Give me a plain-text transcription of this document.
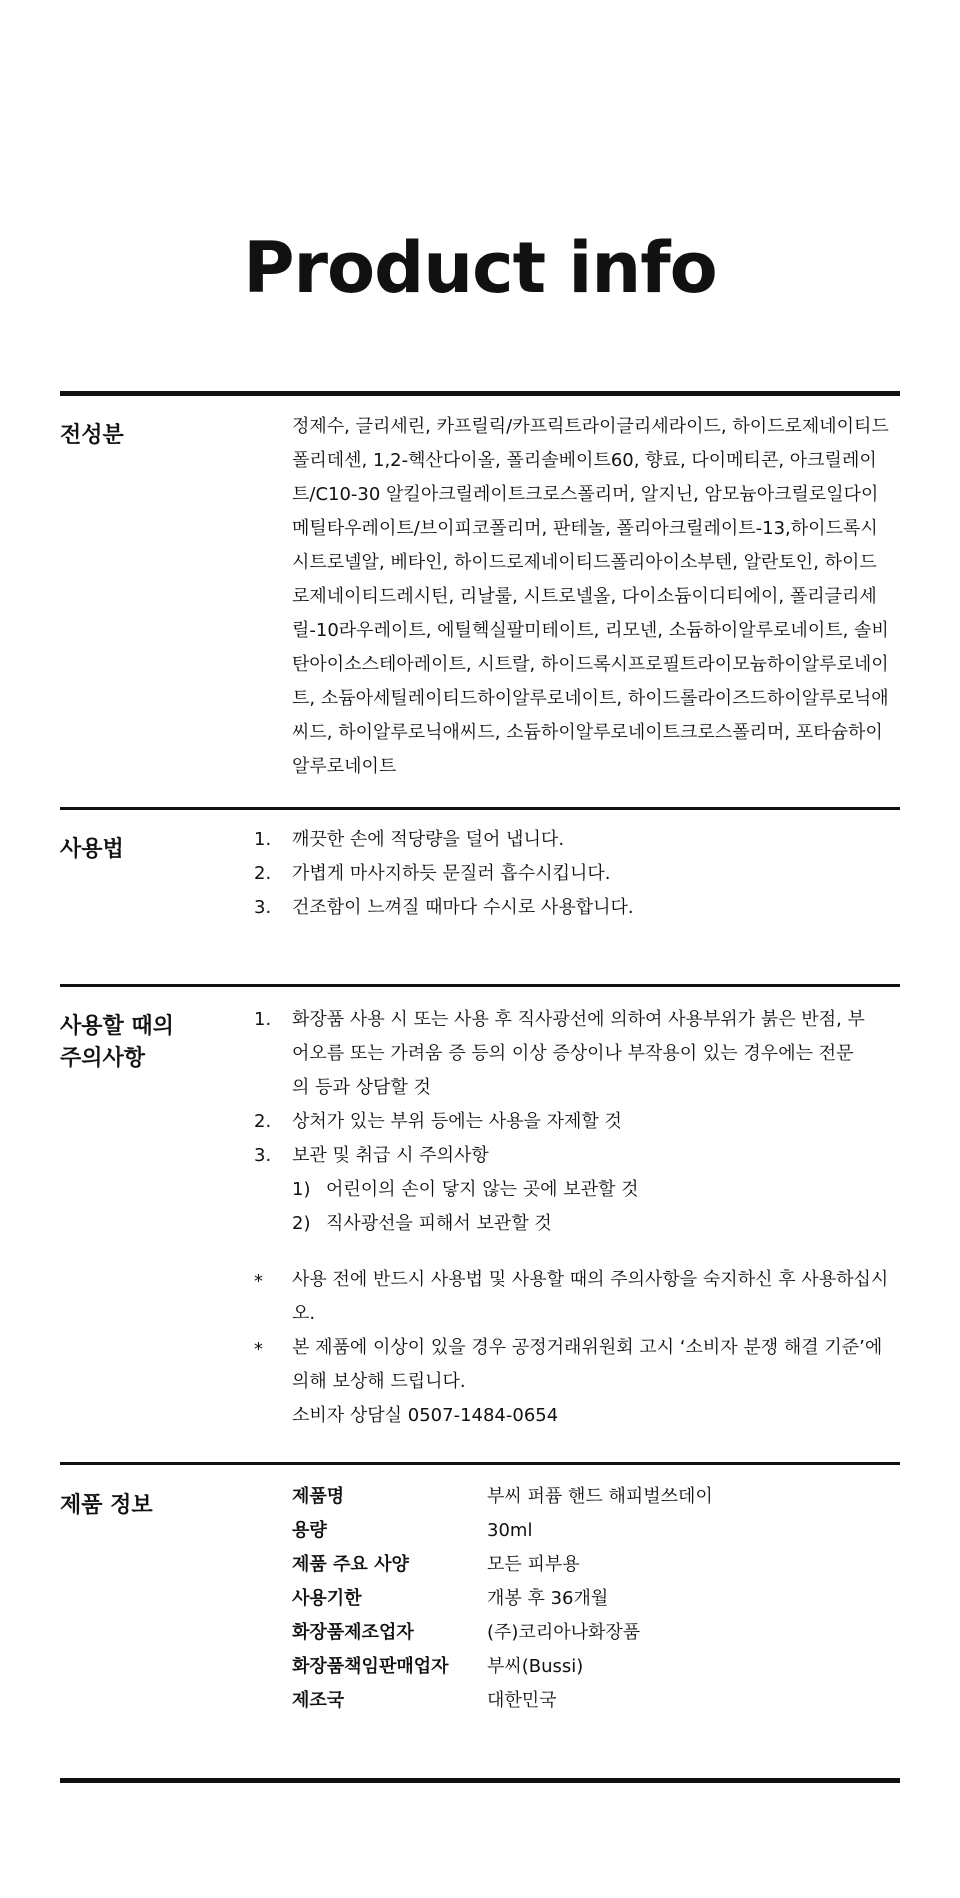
Product info
전성분	정제수, 글리세린, 카프릴릭/카프릭트라이글리세라이드, 하이드로제네이티드폴리데센, 1,2-헥산다이올, 폴리솔베이트60, 향료, 다이메티콘, 아크릴레이트/C10-30 알킬아크릴레이트크로스폴리머, 알지닌, 암모늄아크릴로일다이메틸타우레이트/브이피코폴리머, 판테놀, 폴리아크릴레이트-13,하이드록시시트로넬알, 베타인, 하이드로제네이티드폴리아이소부텐, 알란토인, 하이드로제네이티드레시틴, 리날룰, 시트로넬올, 다이소듐이디티에이, 폴리글리세릴-10라우레이트, 에틸헥실팔미테이트, 리모넨, 소듐하이알루로네이트, 솔비탄아이소스테아레이트, 시트랄, 하이드록시프로필트라이모늄하이알루로네이트, 소듐아세틸레이티드하이알루로네이트, 하이드롤라이즈드하이알루로닉애씨드, 하이알루로닉애씨드, 소듐하이알루로네이트크로스폴리머, 포타슘하이알루로네이트

사용법	1. 깨끗한 손에 적당량을 덜어 냅니다.
2. 가볍게 마사지하듯 문질러 흡수시킵니다.
3. 건조함이 느껴질 때마다 수시로 사용합니다.
사용할 때의
주의사항
1. 화장품 사용 시 또는 사용 후 직사광선에 의하여 사용부위가 붉은 반점, 부어오름 또는 가려움 증 등의 이상 증상이나 부작용이 있는 경우에는 전문의 등과 상담할 것
2. 상처가 있는 부위 등에는 사용을 자제할 것
3. 보관 및 취급 시 주의사항
1) 어린이의 손이 닿지 않는 곳에 보관할 것
2) 직사광선을 피해서 보관할 것
* 사용 전에 반드시 사용법 및 사용할 때의 주의사항을 숙지하신 후 사용하십시오.
* 본 제품에 이상이 있을 경우 공정거래위원회 고시 ‘소비자 분쟁 해결 기준’에 의해 보상해 드립니다.
소비자 상담실 0507-1484-0654
제품 정보	제품명	부씨 퍼퓸 핸드 해피벌쓰데이
용량	30ml
제품 주요 사양	모든 피부용
사용기한	개봉 후 36개월
화장품제조업자	(주)코리아나화장품
화장품책임판매업자	부씨(Bussi)
제조국	대한민국
